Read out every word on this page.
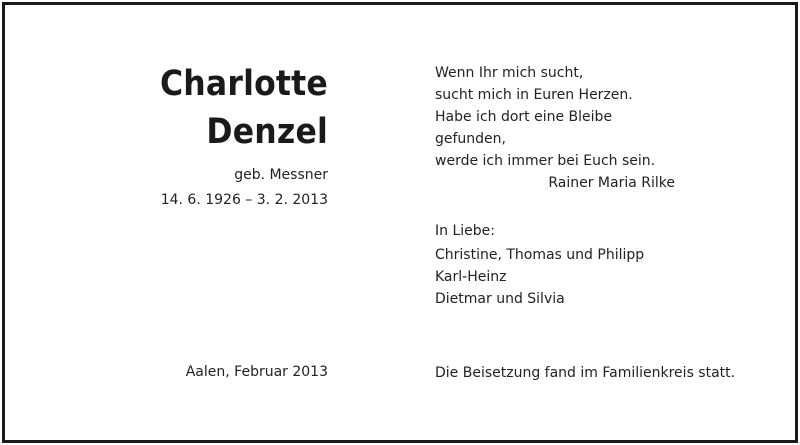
Charlotte
Denzel
geb. Messner
14. 6. 1926 – 3. 2. 2013
Wenn Ihr mich sucht,
sucht mich in Euren Herzen.
Habe ich dort eine Bleibe gefunden,
werde ich immer bei Euch sein.
Rainer Maria Rilke
In Liebe:
Christine, Thomas und Philipp
Karl-Heinz
Dietmar und Silvia
Aalen, Februar 2013	Die Beisetzung fand im Familienkreis statt.
